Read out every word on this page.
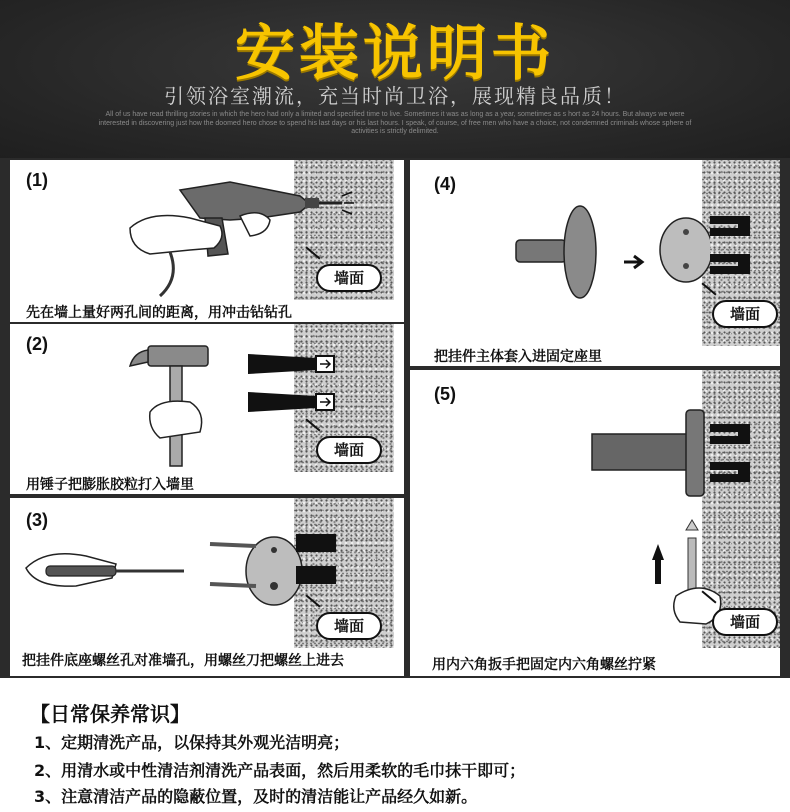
安装说明书
引领浴室潮流，充当时尚卫浴，展现精良品质！
All of us have read thrilling stories in which the hero had only a limited and specified time to live. Sometimes it was as long as a year, sometimes as s hort as 24 hours. But always we were interested in discovering just how the doomed hero chose to spend his last days or his last hours. I speak, of course, of free men who have a choice, not condemned criminals whose sphere of activities is strictly delimited.
(1)
墙面
先在墙上量好两孔间的距离，用冲击钻钻孔
(2)
墙面
用锤子把膨胀胶粒打入墙里
(3)
墙面
把挂件底座螺丝孔对准墙孔，用螺丝刀把螺丝上进去
(4)
墙面
把挂件主体套入进固定座里
(5)
墙面
用内六角扳手把固定内六角螺丝拧紧
【日常保养常识】
1、定期清洗产品，以保持其外观光洁明亮；
2、用清水或中性清洁剂清洗产品表面，然后用柔软的毛巾抹干即可；
3、注意清洁产品的隐蔽位置，及时的清洁能让产品经久如新。
